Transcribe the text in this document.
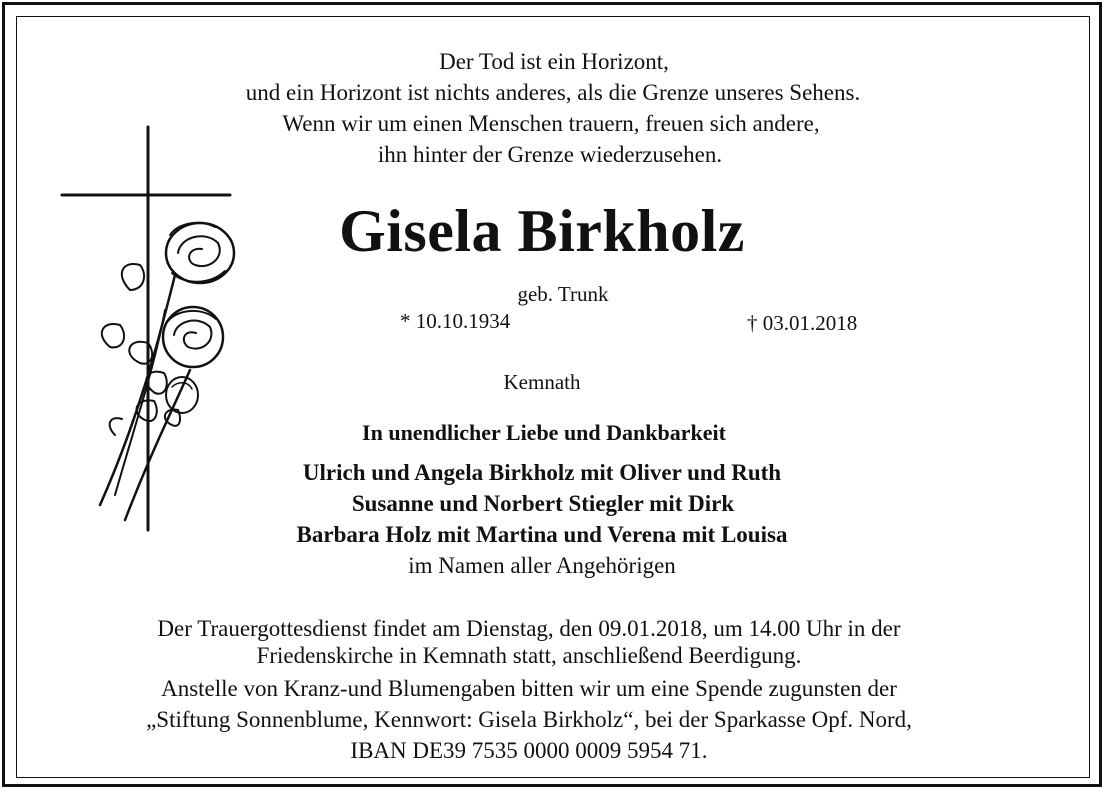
Der Tod ist ein Horizont,
und ein Horizont ist nichts anderes, als die Grenze unseres Sehens.
Wenn wir um einen Menschen trauern, freuen sich andere,
ihn hinter der Grenze wiederzusehen.
Gisela Birkholz
geb. Trunk
* 10.10.1934	† 03.01.2018
Kemnath
In unendlicher Liebe und Dankbarkeit
Ulrich und Angela Birkholz mit Oliver und Ruth
Susanne und Norbert Stiegler mit Dirk
Barbara Holz mit Martina und Verena mit Louisa
im Namen aller Angehörigen
Der Trauergottesdienst findet am Dienstag, den 09.01.2018, um 14.00 Uhr in der
Friedenskirche in Kemnath statt, anschließend Beerdigung.
Anstelle von Kranz-und Blumengaben bitten wir um eine Spende zugunsten der
„Stiftung Sonnenblume, Kennwort: Gisela Birkholz“, bei der Sparkasse Opf. Nord,
IBAN DE39 7535 0000 0009 5954 71.
